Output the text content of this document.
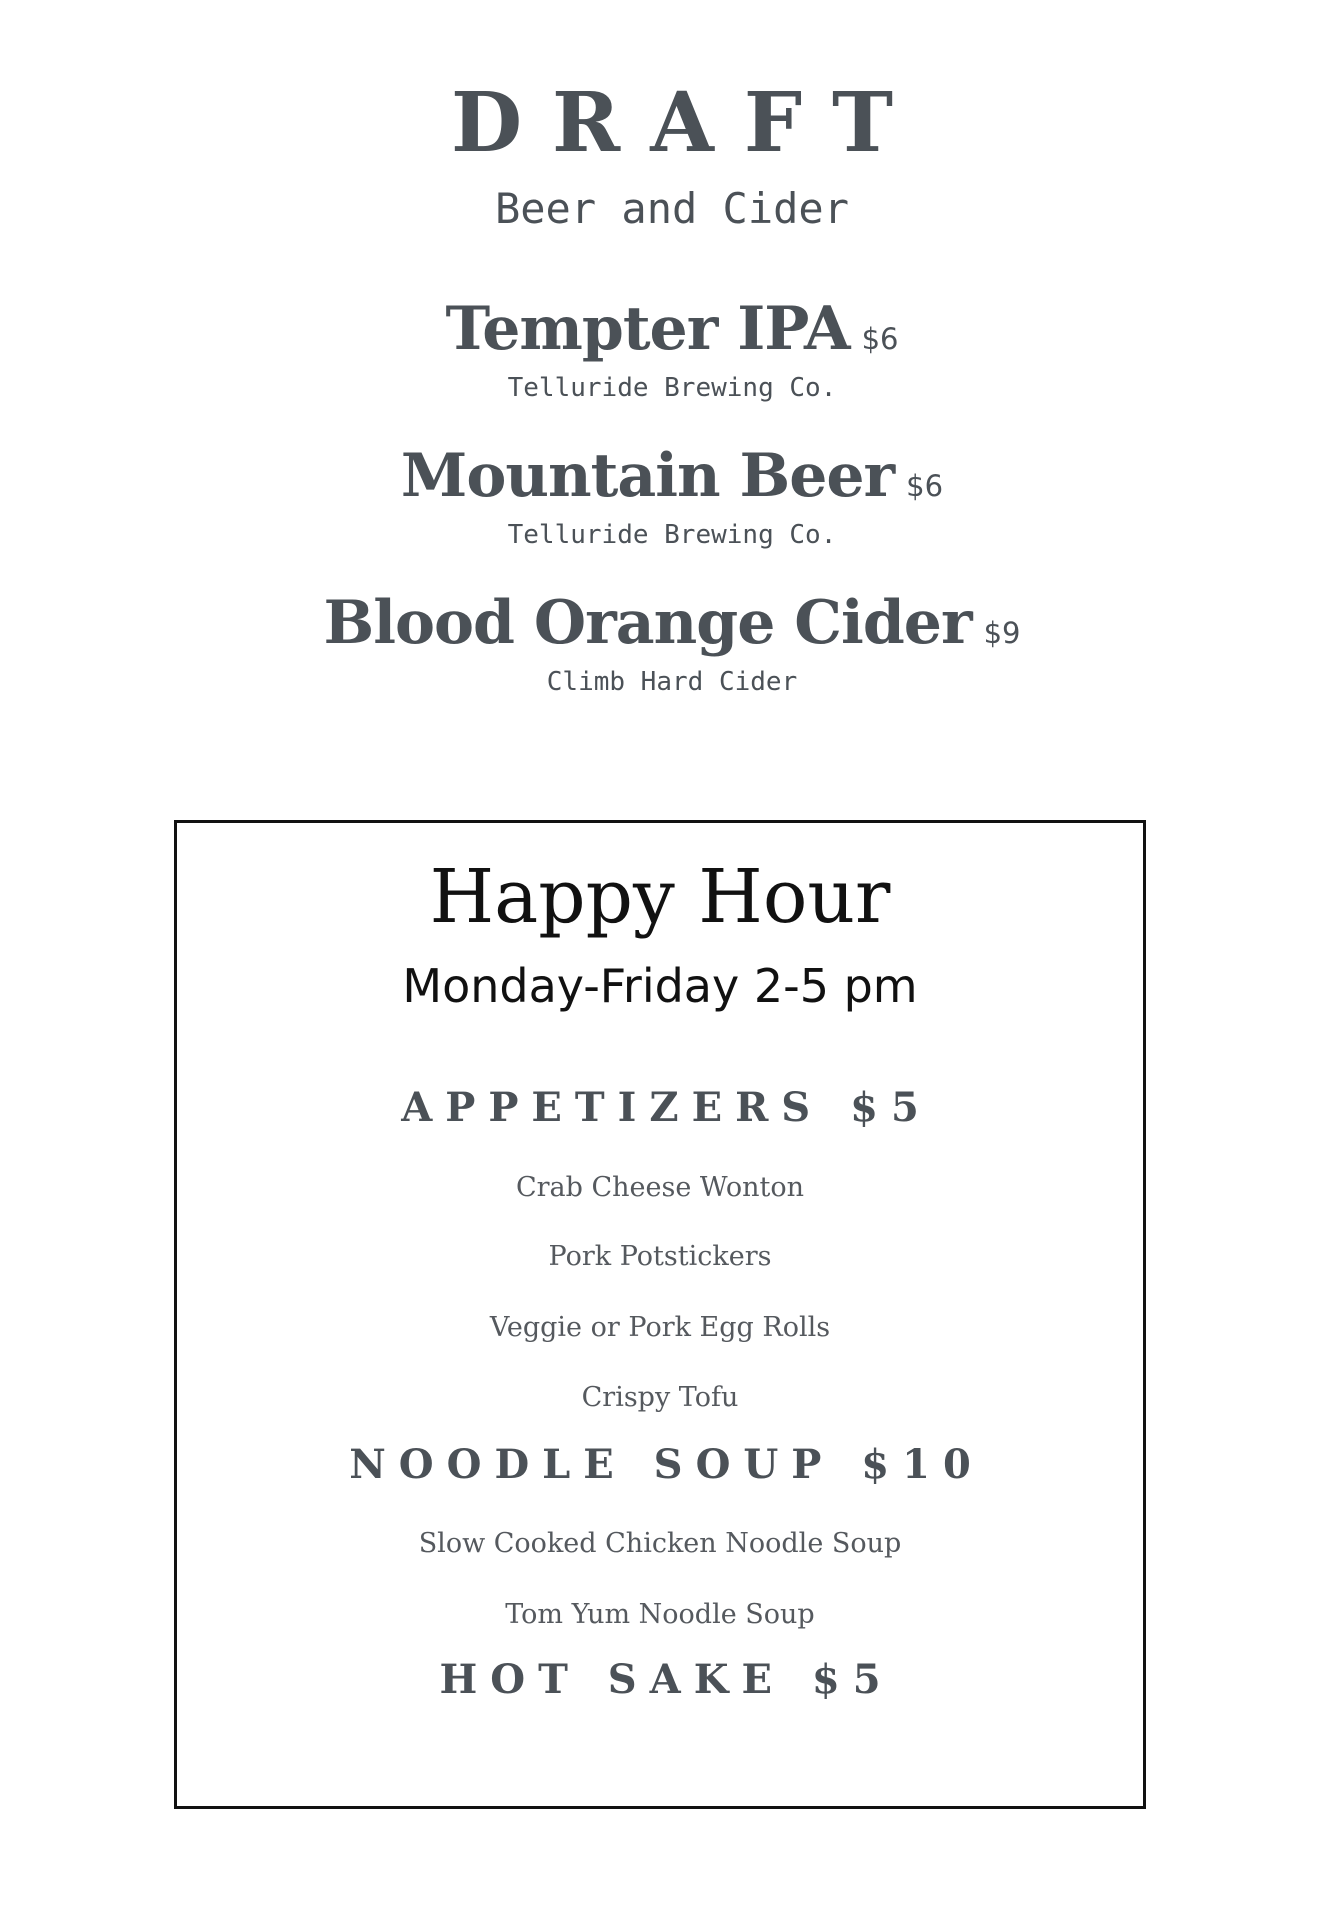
DRAFT
Beer and Cider
Tempter IPA $6
Telluride Brewing Co.
Mountain Beer $6
Telluride Brewing Co.
Blood Orange Cider $9
Climb Hard Cider
Happy Hour
Monday-Friday 2-5 pm
APPETIZERS $5
Crab Cheese Wonton
Pork Potstickers
Veggie or Pork Egg Rolls
Crispy Tofu
NOODLE SOUP $10
Slow Cooked Chicken Noodle Soup
Tom Yum Noodle Soup
HOT SAKE $5
